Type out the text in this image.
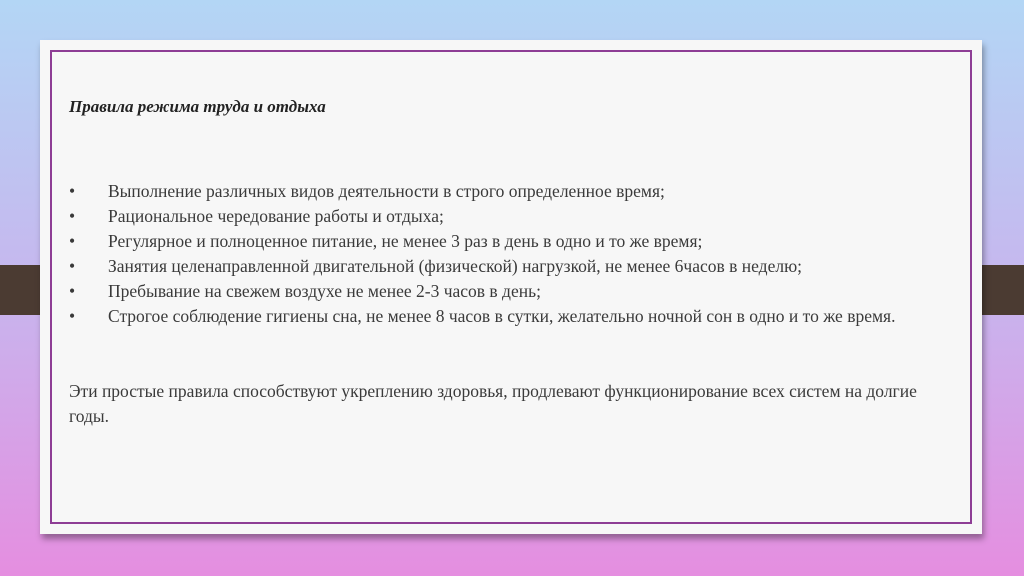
Правила режима труда и отдыха
• Выполнение различных видов деятельности в строго определенное время;
• Рациональное чередование работы и отдыха;
• Регулярное и полноценное питание, не менее 3 раз в день в одно и то же время;
• Занятия целенаправленной двигательной (физической) нагрузкой, не менее 6часов в неделю;
• Пребывание на свежем воздухе не менее 2-3 часов в день;
• Строгое соблюдение гигиены сна, не менее 8 часов в сутки, желательно ночной сон в одно и то же время.
Эти простые правила способствуют укреплению здоровья, продлевают функционирование всех систем на долгие годы.
